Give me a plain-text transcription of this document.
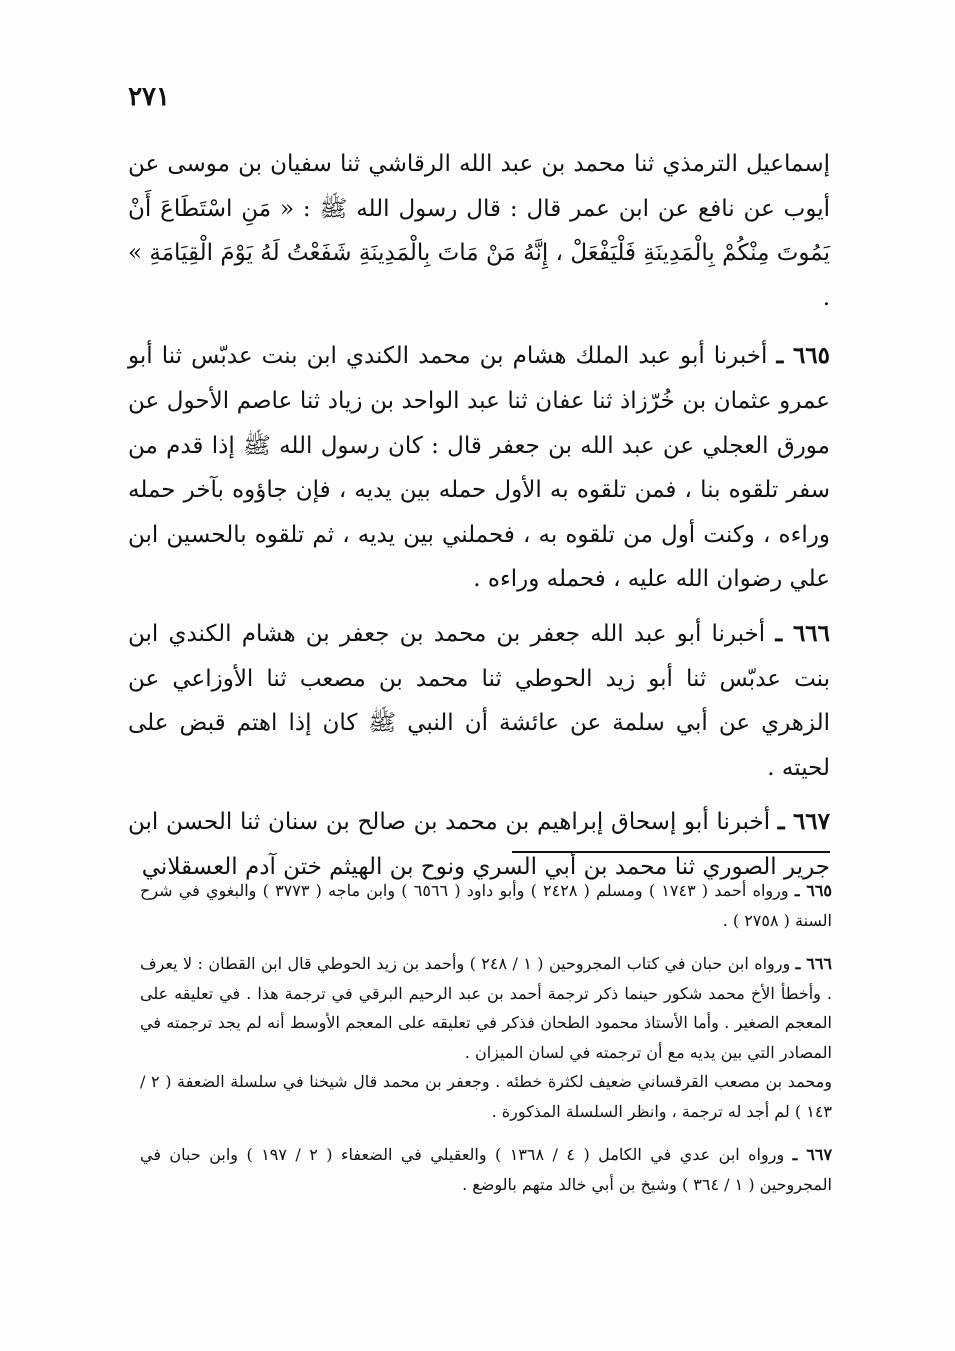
٢٧١

إسماعيل الترمذي ثنا محمد بن عبد الله الرقاشي ثنا سفيان بن موسى عن أيوب عن نافع عن ابن عمر قال : قال رسول الله ﷺ : « مَنِ اسْتَطَاعَ أَنْ يَمُوتَ مِنْكُمْ بِالْمَدِينَةِ فَلْيَفْعَلْ ، إِنَّهُ مَنْ مَاتَ بِالْمَدِينَةِ شَفَعْتُ لَهُ يَوْمَ الْقِيَامَةِ » .

٦٦٥ ـ أخبرنا أبو عبد الملك هشام بن محمد الكندي ابن بنت عدبّس ثنا أبو عمرو عثمان بن خُرّزاذ ثنا عفان ثنا عبد الواحد بن زياد ثنا عاصم الأحول عن مورق العجلي عن عبد الله بن جعفر قال : كان رسول الله ﷺ إذا قدم من سفر تلقوه بنا ، فمن تلقوه به الأول حمله بين يديه ، فإن جاؤوه بآخر حمله وراءه ، وكنت أول من تلقوه به ، فحملني بين يديه ، ثم تلقوه بالحسين ابن علي رضوان الله عليه ، فحمله وراءه .

٦٦٦ ـ أخبرنا أبو عبد الله جعفر بن محمد بن جعفر بن هشام الكندي ابن بنت عدبّس ثنا أبو زيد الحوطي ثنا محمد بن مصعب ثنا الأوزاعي عن الزهري عن أبي سلمة عن عائشة أن النبي ﷺ كان إذا اهتم قبض على لحيته .

٦٦٧ ـ أخبرنا أبو إسحاق إبراهيم بن محمد بن صالح بن سنان ثنا الحسن ابن جرير الصوري ثنا محمد بن أبي السري ونوح بن الهيثم ختن آدم العسقلاني

٦٦٥ ـ ورواه أحمد ( ١٧٤٣ ) ومسلم ( ٢٤٢٨ ) وأبو داود ( ٦٥٦٦ ) وابن ماجه ( ٣٧٧٣ ) والبغوي في شرح السنة ( ٢٧٥٨ ) .

٦٦٦ ـ ورواه ابن حبان في كتاب المجروحين ( ١ / ٢٤٨ ) وأحمد بن زيد الحوطي قال ابن القطان : لا يعرف . وأخطأ الأخ محمد شكور حينما ذكر ترجمة أحمد بن عبد الرحيم البرقي في ترجمة هذا . في تعليقه على المعجم الصغير . وأما الأستاذ محمود الطحان فذكر في تعليقه على المعجم الأوسط أنه لم يجد ترجمته في المصادر التي بين يديه مع أن ترجمته في لسان الميزان .

ومحمد بن مصعب القرقساني ضعيف لكثرة خطئه . وجعفر بن محمد قال شيخنا في سلسلة الضعفة ( ٢ / ١٤٣ ) لم أجد له ترجمة ، وانظر السلسلة المذكورة .

٦٦٧ ـ ورواه ابن عدي في الكامل ( ٤ / ١٣٦٨ ) والعقيلي في الضعفاء ( ٢ / ١٩٧ ) وابن حبان في المجروحين ( ١ / ٣٦٤ ) وشيخ بن أبي خالد متهم بالوضع .
